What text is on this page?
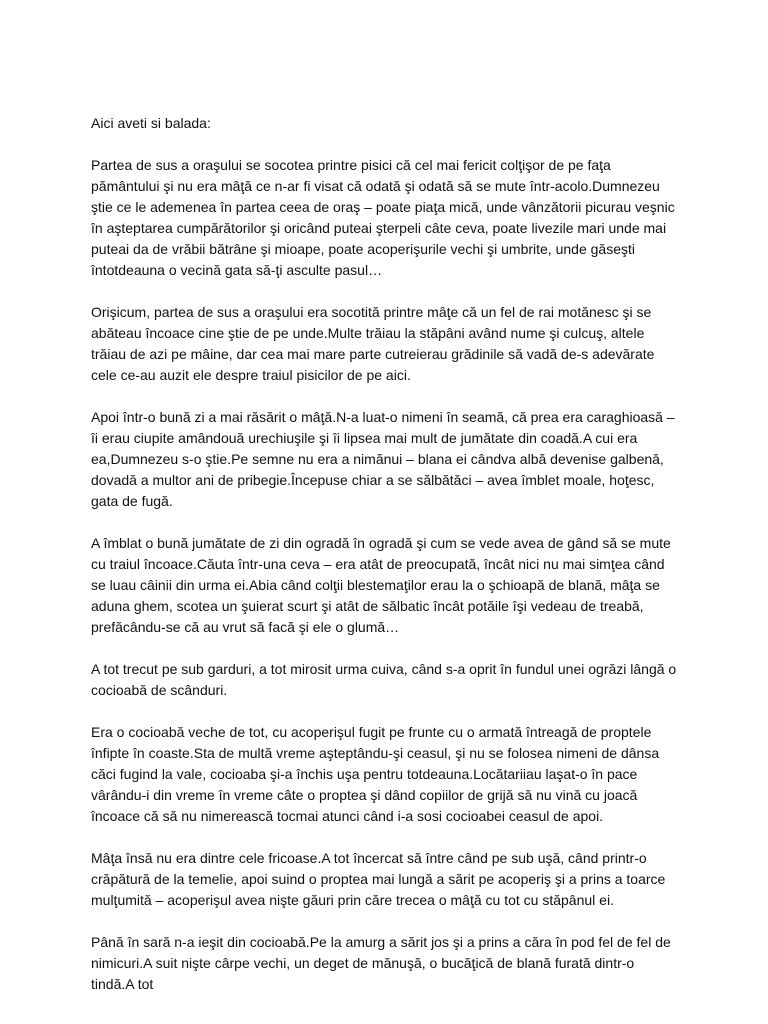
Aici aveti si balada:

Partea de sus a oraşului se socotea printre pisici că cel mai fericit colţişor de pe faţa pământului şi nu era mâţă ce n-ar fi visat că odată şi odată să se mute într-acolo.Dumnezeu ştie ce le ademenea în partea ceea de oraş – poate piaţa mică, unde vânzătorii picurau veşnic în aşteptarea cumpărătorilor şi oricând puteai şterpeli câte ceva, poate livezile mari unde mai puteai da de vrăbii bătrâne şi mioape, poate acoperişurile vechi şi umbrite, unde găseşti întotdeauna o vecină gata să-ţi asculte pasul…

Orişicum, partea de sus a oraşului era socotită printre mâţe că un fel de rai motănesc şi se abăteau încoace cine ştie de pe unde.Multe trăiau la stăpâni având nume şi culcuş, altele trăiau de azi pe mâine, dar cea mai mare parte cutreierau grădinile să vadă de-s adevărate cele ce-au auzit ele despre traiul pisicilor de pe aici.

Apoi într-o bună zi a mai răsărit o mâţă.N-a luat-o nimeni în seamă, că prea era caraghioasă – îi erau ciupite amândouă urechiuşile şi îi lipsea mai mult de jumătate din coadă.A cui era ea,Dumnezeu s-o ştie.Pe semne nu era a nimănui – blana ei cândva albă devenise galbenă, dovadă a multor ani de pribegie.Începuse chiar a se sălbătăci – avea îmblet moale, hoţesc, gata de fugă.

A îmblat o bună jumătate de zi din ogradă în ogradă şi cum se vede avea de gând să se mute cu traiul încoace.Căuta într-una ceva – era atât de preocupată, încât nici nu mai simţea când se luau câinii din urma ei.Abia când colţii blestemaţilor erau la o şchioapă de blană, mâţa se aduna ghem, scotea un şuierat scurt şi atât de sălbatic încât potăile îşi vedeau de treabă, prefăcându-se că au vrut să facă şi ele o glumă…

A tot trecut pe sub garduri, a tot mirosit urma cuiva, când s-a oprit în fundul unei ogrăzi lângă o cocioabă de scânduri.

Era o cocioabă veche de tot, cu acoperişul fugit pe frunte cu o armată întreagă de proptele înfipte în coaste.Sta de multă vreme aşteptându-şi ceasul, şi nu se folosea nimeni de dânsa căci fugind la vale, cocioaba şi-a închis uşa pentru totdeauna.Locătariiau laşat-o în pace vârându-i din vreme în vreme câte o proptea şi dând copiilor de grijă să nu vină cu joacă încoace că să nu nimerească tocmai atunci când i-a sosi cocioabei ceasul de apoi.

Mâţa însă nu era dintre cele fricoase.A tot încercat să între când pe sub uşă, când printr-o crăpătură de la temelie, apoi suind o proptea mai lungă a sărit pe acoperiş şi a prins a toarce mulţumită – acoperişul avea nişte găuri prin căre trecea o mâţă cu tot cu stăpânul ei.

Până în sară n-a ieşit din cocioabă.Pe la amurg a sărit jos şi a prins a căra în pod fel de fel de nimicuri.A suit nişte cârpe vechi, un deget de mănuşă, o bucăţică de blană furată dintr-o tindă.A tot
